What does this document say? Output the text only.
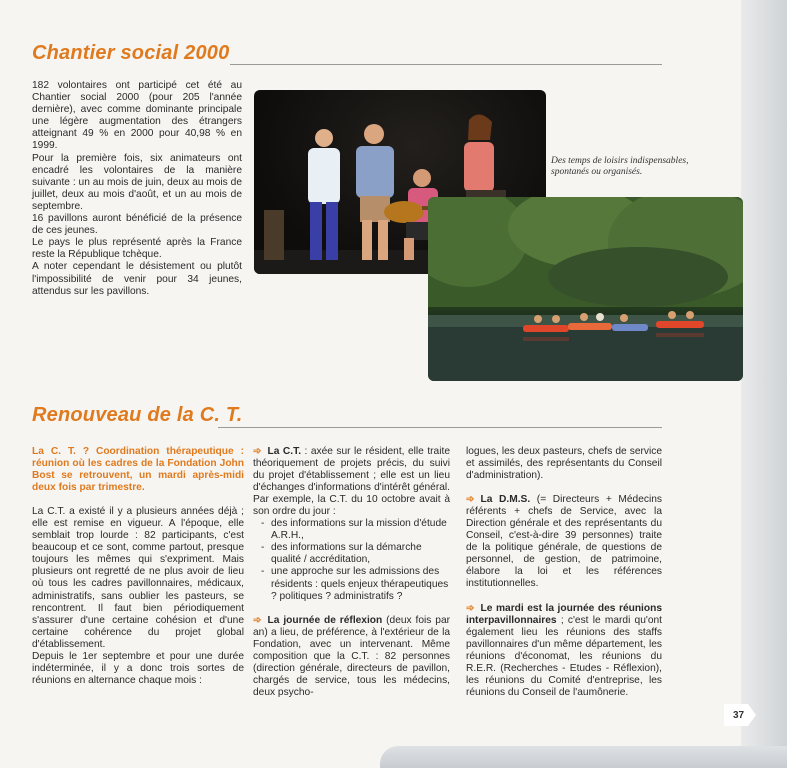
Chantier social 2000

182 volontaires ont participé cet été au Chantier social 2000 (pour 205 l'année dernière), avec comme dominante principale une légère augmentation des étrangers atteignant 49 % en 2000 pour 40,98 % en 1999.

Pour la première fois, six animateurs ont encadré les volontaires de la manière suivante : un au mois de juin, deux au mois de juillet, deux au mois d'août, et un au mois de septembre.

16 pavillons auront bénéficié de la présence de ces jeunes.

Le pays le plus représenté après la France reste la République tchèque.

A noter cependant le désistement ou plutôt l'impossibilité de venir pour 34 jeunes, attendus sur les pavillons.

Des temps de loisirs indispensables, spontanés ou organisés.
Renouveau de la C. T.

La C. T. ? Coordination thérapeutique : réunion où les cadres de la Fondation John Bost se retrouvent, un mardi après-midi deux fois par trimestre.

La C.T. a existé il y a plusieurs années déjà ; elle est remise en vigueur. A l'époque, elle semblait trop lourde : 82 participants, c'est beaucoup et ce sont, comme partout, presque toujours les mêmes qui s'expriment. Mais plusieurs ont regretté de ne plus avoir de lieu où tous les cadres pavillonnaires, médicaux, administratifs, sans oublier les pasteurs, se rencontrent. Il faut bien périodiquement s'assurer d'une certaine cohésion et d'une certaine cohérence du projet global d'établissement.

Depuis le 1er septembre et pour une durée indéterminée, il y a donc trois sortes de réunions en alternance chaque mois :

➾ La C.T. : axée sur le résident, elle traite théoriquement de projets précis, du suivi du projet d'établissement ; elle est un lieu d'échanges d'informations d'intérêt général. Par exemple, la C.T. du 10 octobre avait à son ordre du jour :

- des informations sur la mission d'étude A.R.H.,
- des informations sur la démarche qualité / accréditation,
- une approche sur les admissions des résidents : quels enjeux thérapeutiques ? politiques ? administratifs ?

➾ La journée de réflexion (deux fois par an) a lieu, de préférence, à l'extérieur de la Fondation, avec un intervenant. Même composition que la C.T. : 82 personnes (direction générale, directeurs de pavillon, chargés de service, tous les médecins, deux psycho-

logues, les deux pasteurs, chefs de service et assimilés, des représentants du Conseil d'administration).

➾ La D.M.S. (= Directeurs + Médecins référents + chefs de Service, avec la Direction générale et des représentants du Conseil, c'est-à-dire 39 personnes) traite de la politique générale, de questions de personnel, de gestion, de patrimoine, élabore la loi et les références institutionnelles.

➾ Le mardi est la journée des réunions interpavillonnaires ; c'est le mardi qu'ont également lieu les réunions des staffs pavillonnaires d'un même département, les réunions d'économat, les réunions du R.E.R. (Recherches - Etudes - Réflexion), les réunions du Comité d'entreprise, les réunions du Conseil de l'aumônerie.

37
